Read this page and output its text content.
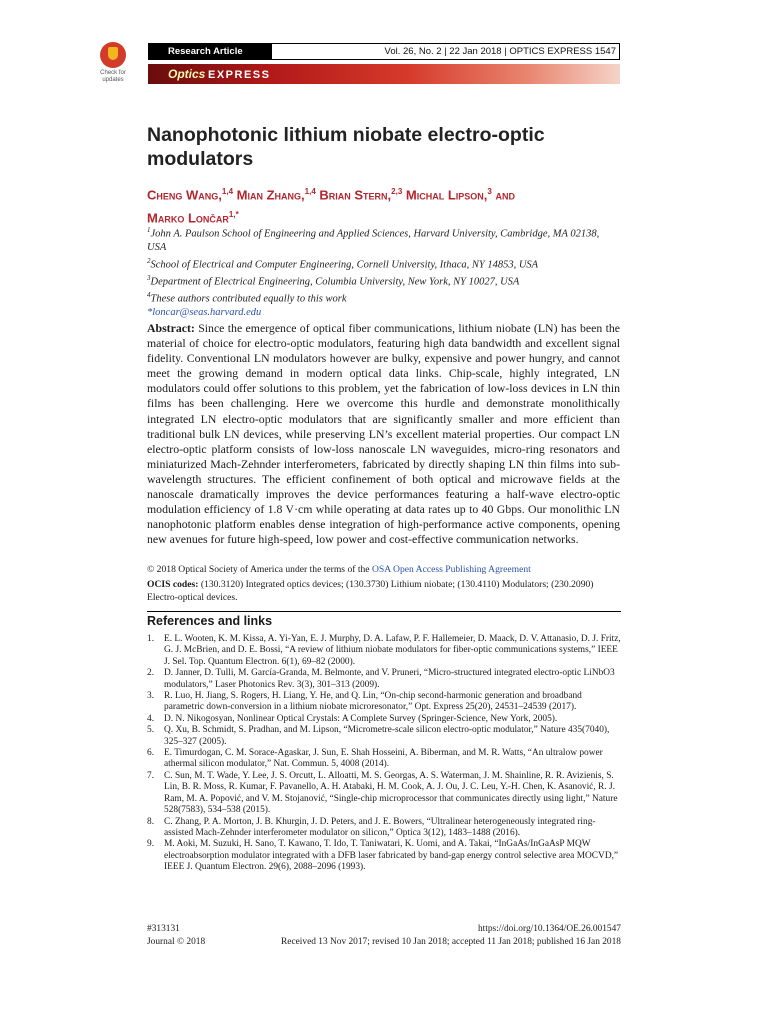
Check for updates
Research Article	Vol. 26, No. 2 | 22 Jan 2018 | OPTICS EXPRESS 1547
Optics EXPRESS
Nanophotonic lithium niobate electro-optic modulators
Cheng Wang,$^{1,4}$ Mian Zhang,$^{1,4}$ Brian Stern,$^{2,3}$ Michal Lipson,$^3$ and
Marko Lončar$^{1,*}$
$^1$John A. Paulson School of Engineering and Applied Sciences, Harvard University, Cambridge, MA 02138, USA
$^2$School of Electrical and Computer Engineering, Cornell University, Ithaca, NY 14853, USA
$^3$Department of Electrical Engineering, Columbia University, New York, NY 10027, USA
$^4$These authors contributed equally to this work
*loncar@seas.harvard.edu
Abstract: Since the emergence of optical fiber communications, lithium niobate (LN) has been the material of choice for electro-optic modulators, featuring high data bandwidth and excellent signal fidelity. Conventional LN modulators however are bulky, expensive and power hungry, and cannot meet the growing demand in modern optical data links. Chip-scale, highly integrated, LN modulators could offer solutions to this problem, yet the fabrication of low-loss devices in LN thin films has been challenging. Here we overcome this hurdle and demonstrate monolithically integrated LN electro-optic modulators that are significantly smaller and more efficient than traditional bulk LN devices, while preserving LN’s excellent material properties. Our compact LN electro-optic platform consists of low-loss nanoscale LN waveguides, micro-ring resonators and miniaturized Mach-Zehnder interferometers, fabricated by directly shaping LN thin films into sub-wavelength structures. The efficient confinement of both optical and microwave fields at the nanoscale dramatically improves the device performances featuring a half-wave electro-optic modulation efficiency of 1.8 V·cm while operating at data rates up to 40 Gbps. Our monolithic LN nanophotonic platform enables dense integration of high-performance active components, opening new avenues for future high-speed, low power and cost-effective communication networks.
© 2018 Optical Society of America under the terms of the OSA Open Access Publishing Agreement
OCIS codes: (130.3120) Integrated optics devices; (130.3730) Lithium niobate; (130.4110) Modulators; (230.2090) Electro-optical devices.
References and links
1. E. L. Wooten, K. M. Kissa, A. Yi-Yan, E. J. Murphy, D. A. Lafaw, P. F. Hallemeier, D. Maack, D. V. Attanasio, D. J. Fritz, G. J. McBrien, and D. E. Bossi, “A review of lithium niobate modulators for fiber-optic communications systems,” IEEE J. Sel. Top. Quantum Electron. 6(1), 69–82 (2000).
2. D. Janner, D. Tulli, M. García-Granda, M. Belmonte, and V. Pruneri, “Micro-structured integrated electro-optic LiNbO3 modulators,” Laser Photonics Rev. 3(3), 301–313 (2009).
3. R. Luo, H. Jiang, S. Rogers, H. Liang, Y. He, and Q. Lin, “On-chip second-harmonic generation and broadband parametric down-conversion in a lithium niobate microresonator,” Opt. Express 25(20), 24531–24539 (2017).
4. D. N. Nikogosyan, Nonlinear Optical Crystals: A Complete Survey (Springer-Science, New York, 2005).
5. Q. Xu, B. Schmidt, S. Pradhan, and M. Lipson, “Micrometre-scale silicon electro-optic modulator,” Nature 435(7040), 325–327 (2005).
6. E. Timurdogan, C. M. Sorace-Agaskar, J. Sun, E. Shah Hosseini, A. Biberman, and M. R. Watts, “An ultralow power athermal silicon modulator,” Nat. Commun. 5, 4008 (2014).
7. C. Sun, M. T. Wade, Y. Lee, J. S. Orcutt, L. Alloatti, M. S. Georgas, A. S. Waterman, J. M. Shainline, R. R. Avizienis, S. Lin, B. R. Moss, R. Kumar, F. Pavanello, A. H. Atabaki, H. M. Cook, A. J. Ou, J. C. Leu, Y.-H. Chen, K. Asanović, R. J. Ram, M. A. Popović, and V. M. Stojanović, “Single-chip microprocessor that communicates directly using light,” Nature 528(7583), 534–538 (2015).
8. C. Zhang, P. A. Morton, J. B. Khurgin, J. D. Peters, and J. E. Bowers, “Ultralinear heterogeneously integrated ring-assisted Mach-Zehnder interferometer modulator on silicon,” Optica 3(12), 1483–1488 (2016).
9. M. Aoki, M. Suzuki, H. Sano, T. Kawano, T. Ido, T. Taniwatari, K. Uomi, and A. Takai, “InGaAs/InGaAsP MQW electroabsorption modulator integrated with a DFB laser fabricated by band-gap energy control selective area MOCVD,” IEEE J. Quantum Electron. 29(6), 2088–2096 (1993).
#313131	https://doi.org/10.1364/OE.26.001547
Journal © 2018	Received 13 Nov 2017; revised 10 Jan 2018; accepted 11 Jan 2018; published 16 Jan 2018
